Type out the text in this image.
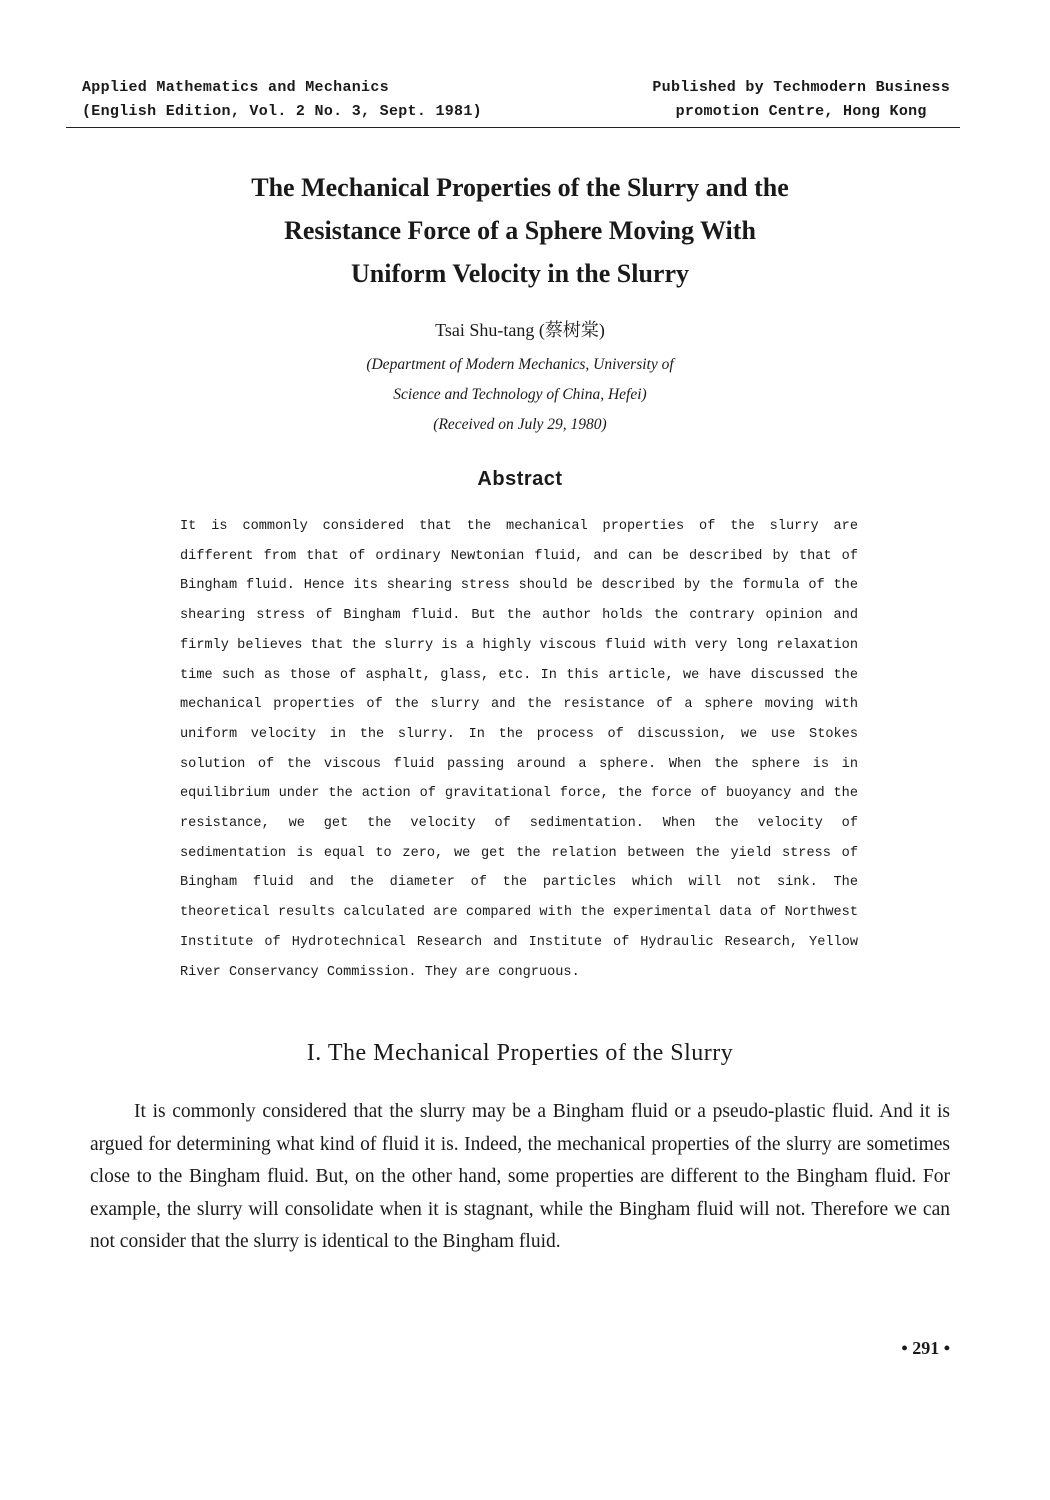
Applied Mathematics and Mechanics
(English Edition, Vol. 2 No. 3, Sept. 1981)
Published by Techmodern Business
promotion Centre, Hong Kong
The Mechanical Properties of the Slurry and the
Resistance Force of a Sphere Moving With
Uniform Velocity in the Slurry
Tsai Shu-tang (蔡树棠)
(Department of Modern Mechanics, University of
Science and Technology of China, Hefei)
(Received on July 29, 1980)
Abstract
It is commonly considered that the mechanical properties of the slurry are different from that of ordinary Newtonian fluid, and can be described by that of Bingham fluid. Hence its shearing stress should be described by the formula of the shearing stress of Bingham fluid. But the author holds the contrary opinion and firmly believes that the slurry is a highly viscous fluid with very long relaxation time such as those of asphalt, glass, etc. In this article, we have discussed the mechanical properties of the slurry and the resistance of a sphere moving with uniform velocity in the slurry. In the process of discussion, we use Stokes solution of the viscous fluid passing around a sphere. When the sphere is in equilibrium under the action of gravitational force, the force of buoyancy and the resistance, we get the velocity of sedimentation. When the velocity of sedimentation is equal to zero, we get the relation between the yield stress of Bingham fluid and the diameter of the particles which will not sink. The theoretical results calculated are compared with the experimental data of Northwest Institute of Hydrotechnical Research and Institute of Hydraulic Research, Yellow River Conservancy Commission. They are congruous.
I. The Mechanical Properties of the Slurry
It is commonly considered that the slurry may be a Bingham fluid or a pseudo-plastic fluid. And it is argued for determining what kind of fluid it is. Indeed, the mechanical properties of the slurry are sometimes close to the Bingham fluid. But, on the other hand, some properties are different to the Bingham fluid. For example, the slurry will consolidate when it is stagnant, while the Bingham fluid will not. Therefore we can not consider that the slurry is identical to the Bingham fluid.
• 291 •
